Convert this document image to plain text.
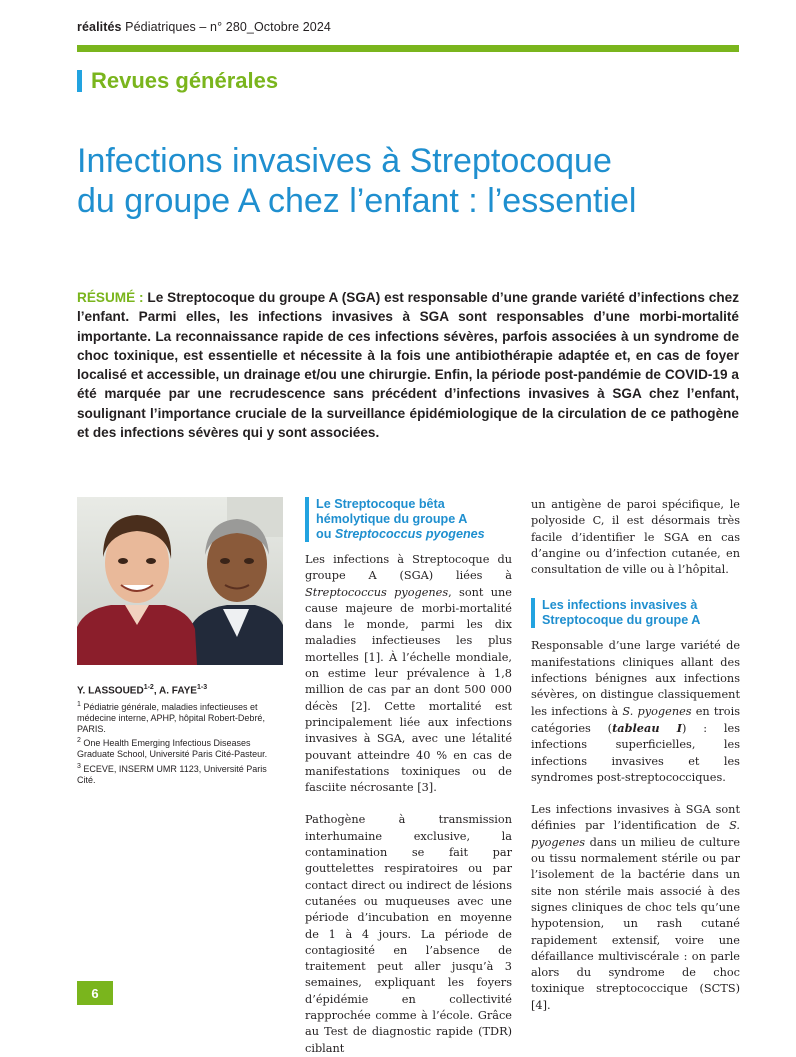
réalités Pédiatriques – n° 280_Octobre 2024
Revues générales
Infections invasives à Streptocoque
du groupe A chez l’enfant : l’essentiel

RÉSUMÉ : Le Streptocoque du groupe A (SGA) est responsable d’une grande variété d’infections chez l’enfant. Parmi elles, les infections invasives à SGA sont responsables d’une morbi-mortalité importante. La reconnaissance rapide de ces infections sévères, parfois associées à un syndrome de choc toxinique, est essentielle et nécessite à la fois une antibiothérapie adaptée et, en cas de foyer localisé et accessible, un drainage et/ou une chirurgie. Enfin, la période post-pandémie de COVID-19 a été marquée par une recrudescence sans précédent d’infections invasives à SGA chez l’enfant, soulignant l’importance cruciale de la surveillance épidémiologique de la circulation de ce pathogène et des infections sévères qui y sont associées.

Y. LASSOUED$^{1-2}$, A. FAYE$^{1-3}$
$^1$ Pédiatrie générale, maladies infectieuses et médecine interne, APHP, hôpital Robert-Debré, PARIS.
$^2$ One Health Emerging Infectious Diseases Graduate School, Université Paris Cité-Pasteur.
$^3$ ECEVE, INSERM UMR 1123, Université Paris Cité.
Le Streptocoque bêta hémolytique du groupe A
ou Streptococcus pyogenes

Les infections à Streptocoque du groupe A (SGA) liées à Streptococcus pyogenes, sont une cause majeure de morbi-mortalité dans le monde, parmi les dix maladies infectieuses les plus mortelles [1]. À l’échelle mondiale, on estime leur prévalence à 1,8 million de cas par an dont 500 000 décès [2]. Cette mortalité est principalement liée aux infections invasives à SGA, avec une létalité pouvant atteindre 40 % en cas de manifestations toxiniques ou de fasciite nécrosante [3].

Pathogène à transmission interhumaine exclusive, la contamination se fait par gouttelettes respiratoires ou par contact direct ou indirect de lésions cutanées ou muqueuses avec une période d’incubation en moyenne de 1 à 4 jours. La période de contagiosité en l’absence de traitement peut aller jusqu’à 3 semaines, expliquant les foyers d’épidémie en collectivité rapprochée comme à l’école. Grâce au Test de diagnostic rapide (TDR) ciblant

un antigène de paroi spécifique, le polyoside C, il est désormais très facile d’identifier le SGA en cas d’angine ou d’infection cutanée, en consultation de ville ou à l’hôpital.

Les infections invasives à Streptocoque du groupe A

Responsable d’une large variété de manifestations cliniques allant des infections bénignes aux infections sévères, on distingue classiquement les infections à S. pyogenes en trois catégories (tableau I) : les infections superficielles, les infections invasives et les syndromes post-streptococciques.

Les infections invasives à SGA sont définies par l’identification de S. pyogenes dans un milieu de culture ou tissu normalement stérile ou par l’isolement de la bactérie dans un site non stérile mais associé à des signes cliniques de choc tels qu’une hypotension, un rash cutané rapidement extensif, voire une défaillance multiviscérale : on parle alors du syndrome de choc toxinique streptococcique (SCTS) [4].

6
